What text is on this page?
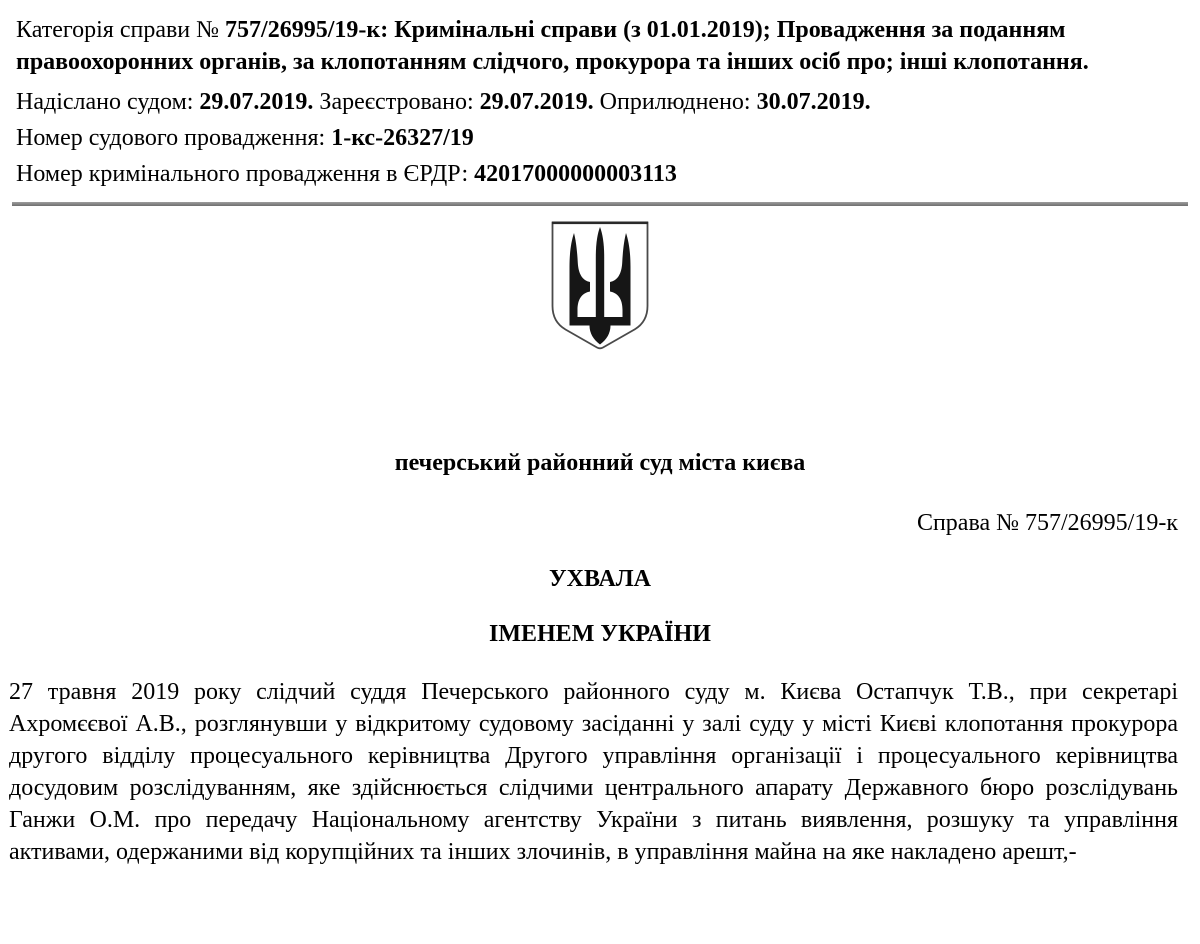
Категорія справи № 757/26995/19-к: Кримінальні справи (з 01.01.2019); Провадження за поданням правоохоронних органів, за клопотанням слідчого, прокурора та інших осіб про; інші клопотання.

Надіслано судом: 29.07.2019. Зареєстровано: 29.07.2019. Оприлюднено: 30.07.2019.

Номер судового провадження: 1-кс-26327/19

Номер кримінального провадження в ЄРДР: 42017000000003113

печерський районний суд міста києва

Справа № 757/26995/19-к

УХВАЛА

ІМЕНЕМ УКРАЇНИ

27 травня 2019 року слідчий суддя Печерського районного суду м. Києва Остапчук Т.В., при секретарі Ахромєєвої А.В., розглянувши у відкритому судовому засіданні у залі суду у місті Києві клопотання прокурора другого відділу процесуального керівництва Другого управління організації і процесуального керівництва досудовим розслідуванням, яке здійснюється слідчими центрального апарату Державного бюро розслідувань Ганжи О.М. про передачу Національному агентству України з питань виявлення, розшуку та управління активами, одержаними від корупційних та інших злочинів, в управління майна на яке накладено арешт,-
